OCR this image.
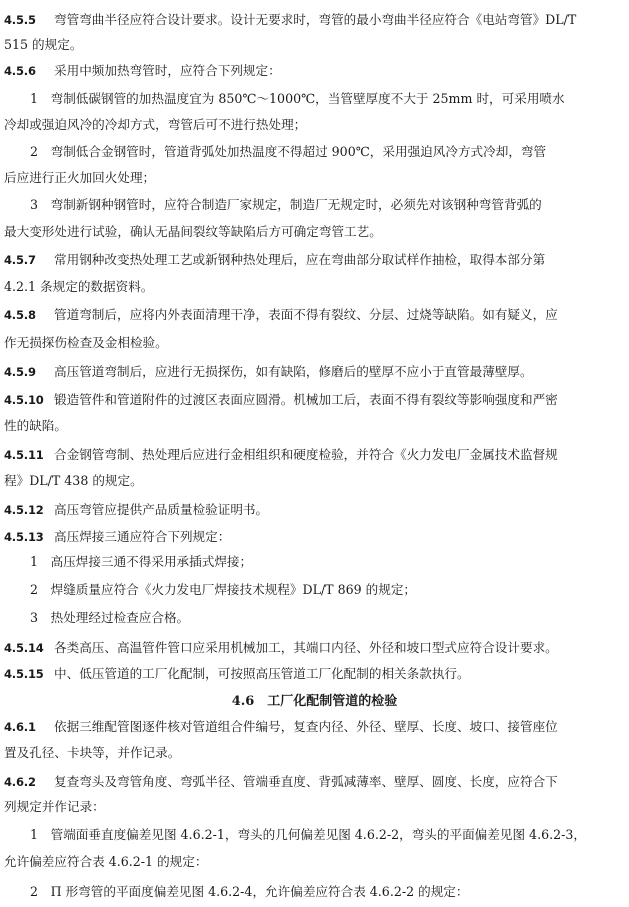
4.5.5 弯管弯曲半径应符合设计要求。设计无要求时，弯管的最小弯曲半径应符合《电站弯管》DL/T
515 的规定。
4.5.6 采用中频加热弯管时，应符合下列规定：
1　弯制低碳钢管的加热温度宜为 850℃～1000℃，当管壁厚度不大于 25mm 时，可采用喷水
冷却或强迫风冷的冷却方式，弯管后可不进行热处理；
2　弯制低合金钢管时，管道背弧处加热温度不得超过 900℃，采用强迫风冷方式冷却，弯管
后应进行正火加回火处理；
3　弯制新钢种钢管时，应符合制造厂家规定，制造厂无规定时，必须先对该钢种弯管背弧的
最大变形处进行试验，确认无晶间裂纹等缺陷后方可确定弯管工艺。
4.5.7 常用钢种改变热处理工艺或新钢种热处理后，应在弯曲部分取试样作抽检，取得本部分第
4.2.1 条规定的数据资料。
4.5.8 管道弯制后，应将内外表面清理干净，表面不得有裂纹、分层、过烧等缺陷。如有疑义，应
作无损探伤检查及金相检验。
4.5.9 高压管道弯制后，应进行无损探伤，如有缺陷，修磨后的壁厚不应小于直管最薄壁厚。
4.5.10 锻造管件和管道附件的过渡区表面应圆滑。机械加工后，表面不得有裂纹等影响强度和严密
性的缺陷。
4.5.11 合金钢管弯制、热处理后应进行金相组织和硬度检验，并符合《火力发电厂金属技术监督规
程》DL/T 438 的规定。
4.5.12 高压弯管应提供产品质量检验证明书。
4.5.13 高压焊接三通应符合下列规定：
1　高压焊接三通不得采用承插式焊接；
2　焊缝质量应符合《火力发电厂焊接技术规程》DL/T 869 的规定；
3　热处理经过检查应合格。
4.5.14 各类高压、高温管件管口应采用机械加工，其端口内径、外径和坡口型式应符合设计要求。
4.5.15 中、低压管道的工厂化配制，可按照高压管道工厂化配制的相关条款执行。
4.6　工厂化配制管道的检验
4.6.1 依据三维配管图逐件核对管道组合件编号，复查内径、外径、壁厚、长度、坡口、接管座位
置及孔径、卡块等，并作记录。
4.6.2 复查弯头及弯管角度、弯弧半径、管端垂直度、背弧减薄率、壁厚、圆度、长度，应符合下
列规定并作记录：
1　管端面垂直度偏差见图 4.6.2-1，弯头的几何偏差见图 4.6.2-2，弯头的平面偏差见图 4.6.2-3，
允许偏差应符合表 4.6.2-1 的规定：
2　Π 形弯管的平面度偏差见图 4.6.2-4，允许偏差应符合表 4.6.2-2 的规定：
